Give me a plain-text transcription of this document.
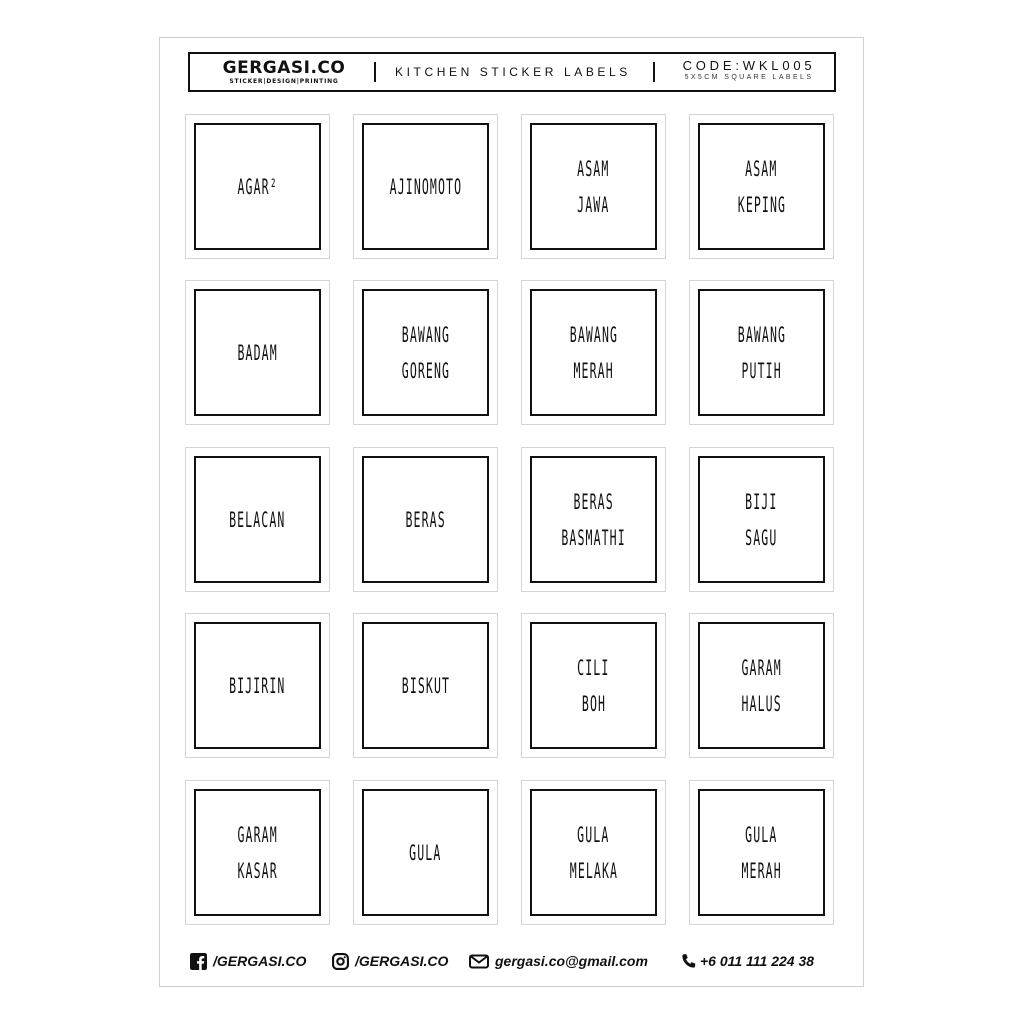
GERGASI.CO
STICKER|DESIGN|PRINTING
KITCHEN STICKER LABELS	CODE:WKL005
5X5CM SQUARE LABELS
AGAR²	AJINOMOTO
ASAM
JAWA
ASAM
KEPING
BADAM
BAWANG
GORENG
BAWANG
MERAH
BAWANG
PUTIH
BELACAN	BERAS
BERAS
BASMATHI
BIJI
SAGU
BIJIRIN	BISKUT
CILI
BOH
GARAM
HALUS
GARAM
KASAR
GULA
GULA
MELAKA
GULA
MERAH
/GERGASI.CO	/GERGASI.CO	gergasi.co@gmail.com	+6 011 111 224 38
